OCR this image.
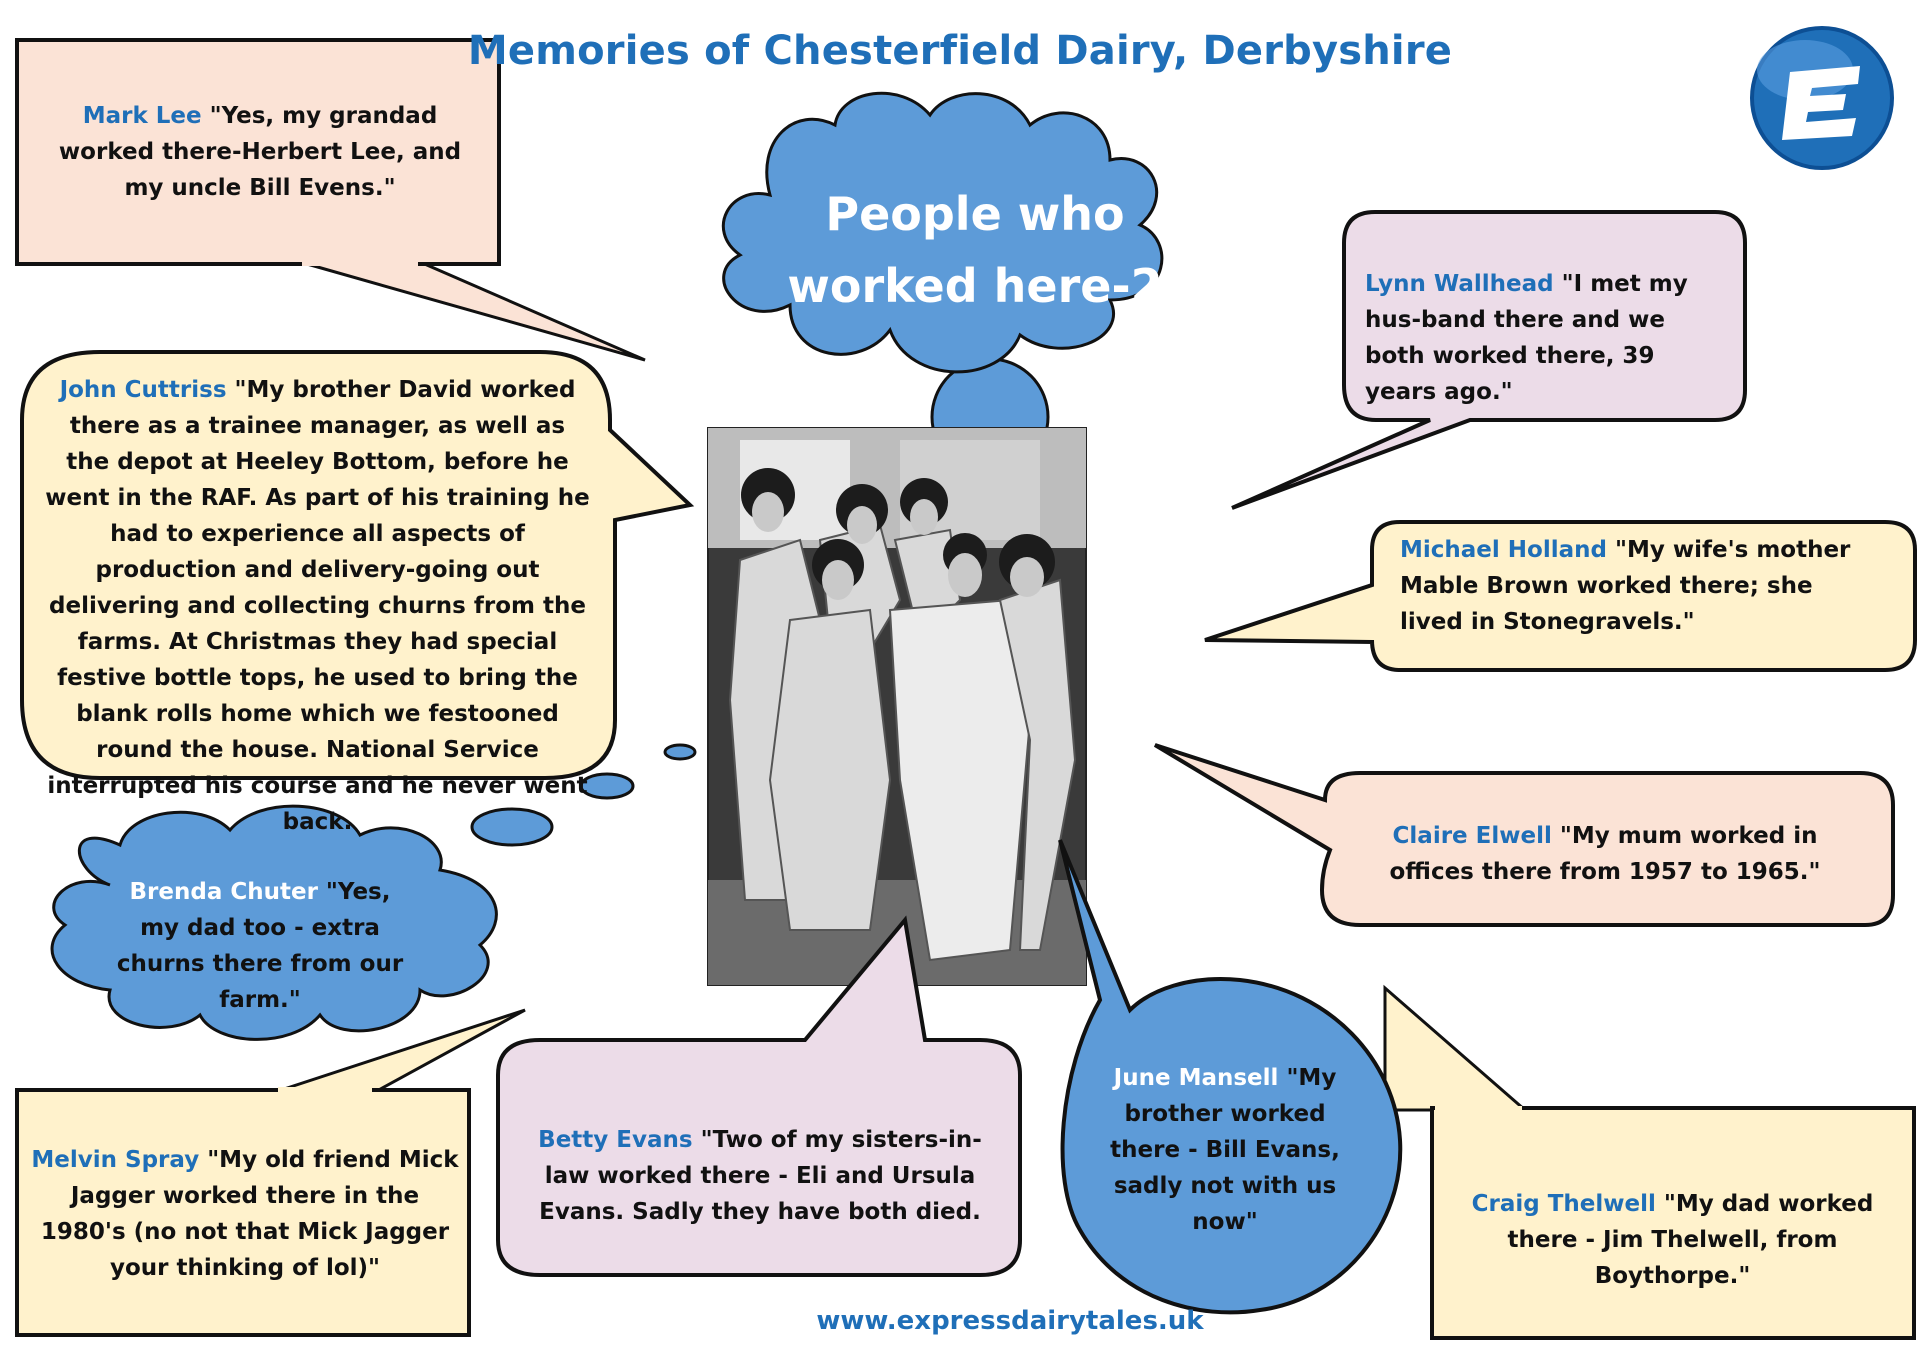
Memories of Chesterfield Dairy, Derbyshire
People who worked here-2
Mark Lee "Yes, my grandad worked there-Herbert Lee, and my uncle Bill Evens."
John Cuttriss "My brother David worked there as a trainee manager, as well as the depot at Heeley Bottom, before he went in the RAF. As part of his training he had to experience all aspects of production and delivery-going out delivering and collecting churns from the farms. At Christmas they had special festive bottle tops, he used to bring the blank rolls home which we festooned round the house. National Service interrupted his course and he never went back.
Brenda Chuter "Yes, my dad too - extra churns there from our farm."
Melvin Spray "My old friend Mick Jagger worked there in the 1980's (no not that Mick Jagger your thinking of lol)"
Betty Evans "Two of my sisters-in-law worked there - Eli and Ursula Evans. Sadly they have both died.
June Mansell "My brother worked there - Bill Evans, sadly not with us now"
Lynn Wallhead "I met my hus-band there and we both worked there, 39 years ago."
Michael Holland "My wife's mother Mable Brown worked there; she lived in Stonegravels."
Claire Elwell "My mum worked in offices there from 1957 to 1965."
Craig Thelwell "My dad worked there - Jim Thelwell, from Boythorpe."
www.expressdairytales.uk
